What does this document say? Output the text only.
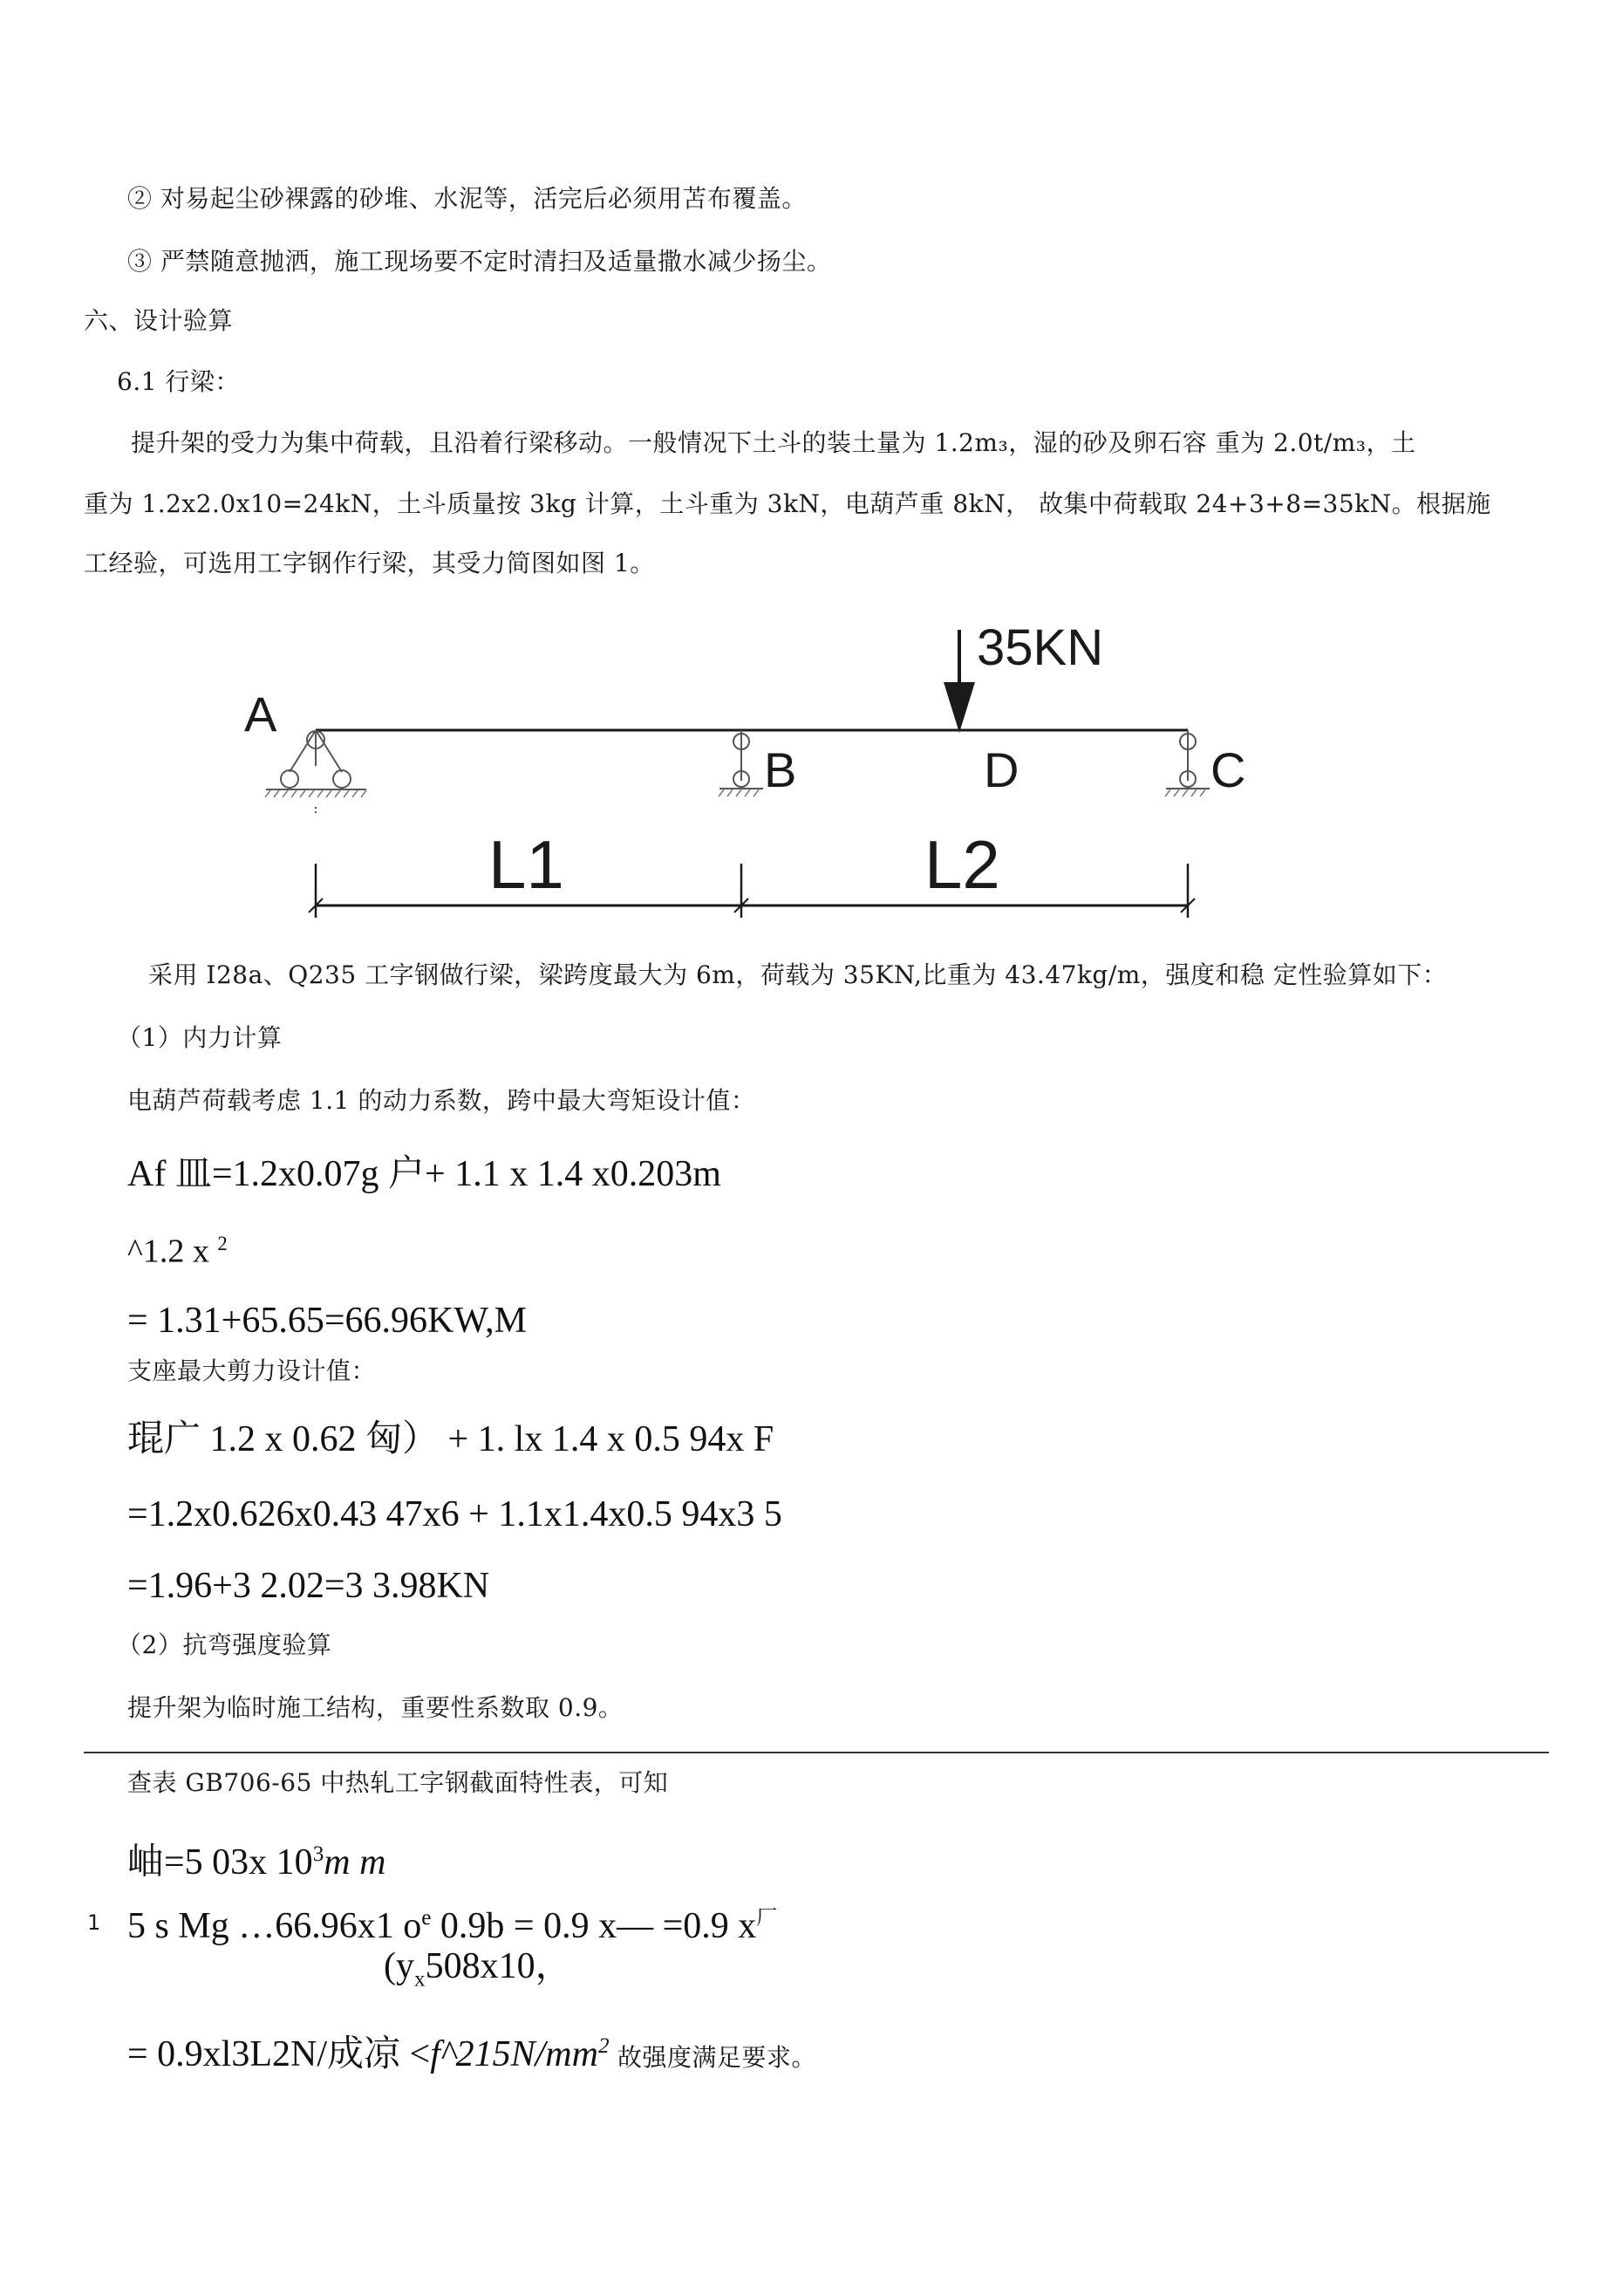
② 对易起尘砂裸露的砂堆、水泥等，活完后必须用苫布覆盖。
③ 严禁随意抛洒，施工现场要不定时清扫及适量撒水减少扬尘。
六、设计验算
6.1 行梁：
提升架的受力为集中荷载，且沿着行梁移动。一般情况下土斗的装土量为 1.2m₃，湿的砂及卵石容 重为 2.0t/m₃，土
重为 1.2x2.0x10=24kN，土斗质量按 3kg 计算，土斗重为 3kN，电葫芦重 8kN， 故集中荷载取 24+3+8=35kN。根据施
工经验，可选用工字钢作行梁，其受力简图如图 1。
35KN
A
B	D	C
L1	L2
采用 I28a、Q235 工字钢做行梁，梁跨度最大为 6m，荷载为 35KN,比重为 43.47kg/m，强度和稳 定性验算如下：
（1）内力计算
电葫芦荷载考虑 1.1 的动力系数，跨中最大弯矩设计值：
Af 皿=1.2x0.07g 户+ 1.1 x 1.4 x0.203m
^1.2 x $^2$
= 1.31+65.65=66.96KW,M
支座最大剪力设计值：
琨广 1.2 x 0.62 匈） + 1. lx 1.4 x 0.5 94x F
=1.2x0.626x0.43 47x6 + 1.1x1.4x0.5 94x3 5
=1.96+3 2.02=3 3.98KN
（2）抗弯强度验算
提升架为临时施工结构，重要性系数取 0.9。
查表 GB706-65 中热轧工字钢截面特性表，可知
岫=5 03x $10^3m$ m
1 5 s Mg …66.96x1 $o^e$ 0.9b = 0.9 x— =0.9 $x^厂$
($y_x508x10$，
= 0.9xl3L2N/成凉 $<f\^{}215N/mm^2$ 故强度满足要求。
